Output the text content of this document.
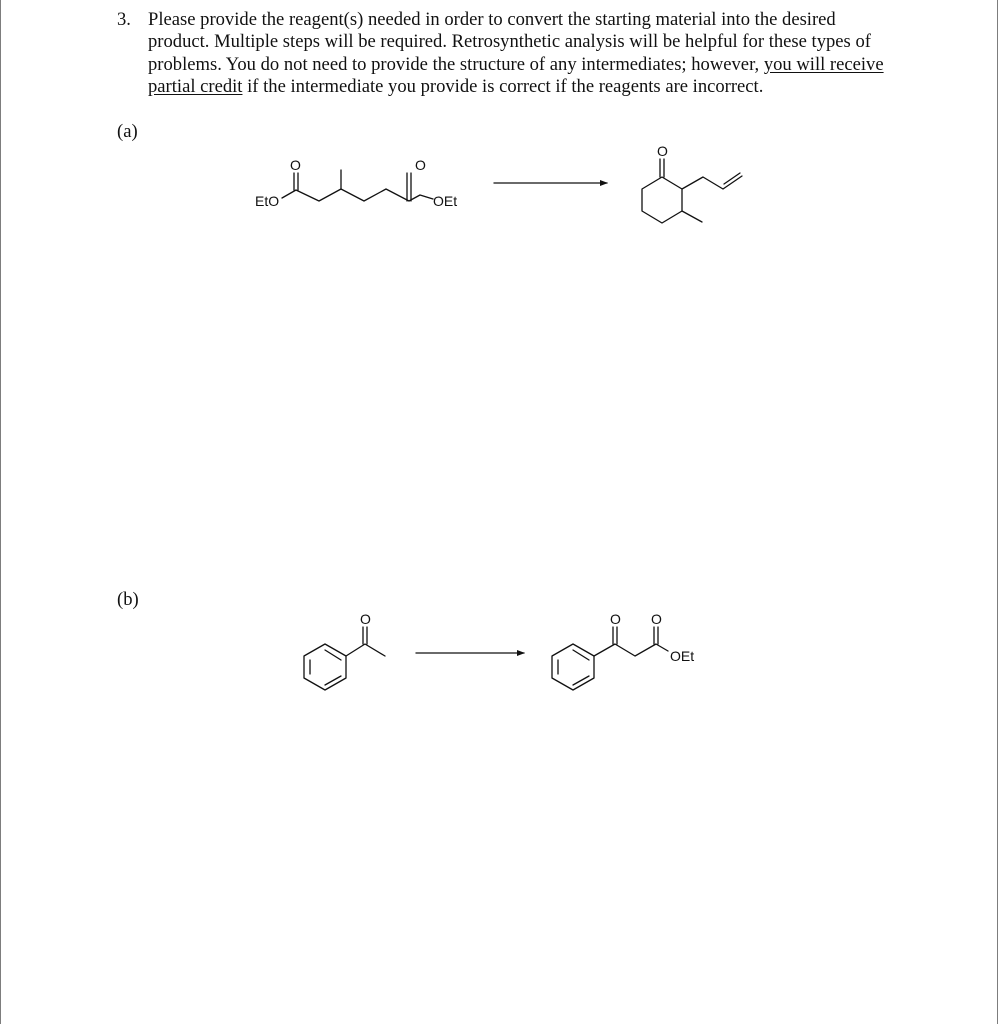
3. Please provide the reagent(s) needed in order to convert the starting material into the desired product. Multiple steps will be required. Retrosynthetic analysis will be helpful for these types of problems. You do not need to provide the structure of any intermediates; however, you will receive partial credit if the intermediate you provide is correct if the reagents are incorrect.
(a)
(b)
EtO
O	O
OEt
O
O	O O
OEt
